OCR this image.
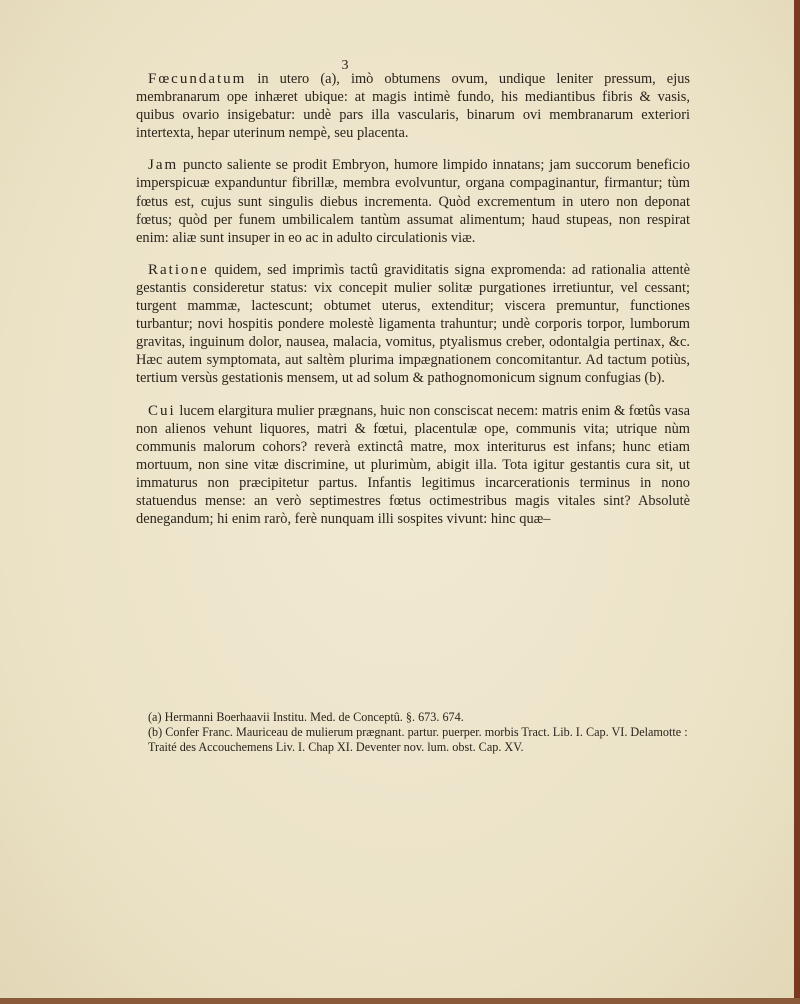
3

Fœcundatum in utero (a), imò obtumens ovum, undique leniter pressum, ejus membranarum ope inhæret ubique: at magis intimè fundo, his mediantibus fibris & vasis, quibus ovario insigebatur: undè pars illa vascularis, binarum ovi membranarum exteriori intertexta, hepar uterinum nempè, seu placenta.

Jam puncto saliente se prodit Embryon, humore limpido innatans; jam succorum beneficio imperspicuæ expanduntur fibrillæ, membra evolvuntur, organa compaginantur, firmantur; tùm fœtus est, cujus sunt singulis diebus incrementa. Quòd excrementum in utero non deponat fœtus; quòd per funem umbilicalem tantùm assumat alimentum; haud stupeas, non respirat enim: aliæ sunt insuper in eo ac in adulto circulationis viæ.

Ratione quidem, sed imprimìs tactû graviditatis signa expromenda: ad rationalia attentè gestantis consideretur status: vix concepit mulier solitæ purgationes irretiuntur, vel cessant; turgent mammæ, lactescunt; obtumet uterus, extenditur; viscera premuntur, functiones turbantur; novi hospitis pondere molestè ligamenta trahuntur; undè corporis torpor, lumborum gravitas, inguinum dolor, nausea, malacia, vomitus, ptyalismus creber, odontalgia pertinax, &c. Hæc autem symptomata, aut saltèm plurima impægnationem concomitantur. Ad tactum potiùs, tertium versùs gestationis mensem, ut ad solum & pathognomonicum signum confugias (b).

Cui lucem elargitura mulier prægnans, huic non consciscat necem: matris enim & fœtûs vasa non alienos vehunt liquores, matri & fœtui, placentulæ ope, communis vita; utrique nùm communis malorum cohors? reverà extinctâ matre, mox interiturus est infans; hunc etiam mortuum, non sine vitæ discrimine, ut plurimùm, abigit illa. Tota igitur gestantis cura sit, ut immaturus non præcipitetur partus. Infantis legitimus incarcerationis terminus in nono statuendus mense: an verò septimestres fœtus octimestribus magis vitales sint? Absolutè denegandum; hi enim rarò, ferè nunquam illi sospites vivunt: hinc quæ–

(a) Hermanni Boerhaavii Institu. Med. de Conceptû. §. 673. 674.

(b) Confer Franc. Mauriceau de mulierum prægnant. partur. puerper. morbis Tract. Lib. I. Cap. VI. Delamotte : Traité des Accouchemens Liv. I. Chap XI. Deventer nov. lum. obst. Cap. XV.
